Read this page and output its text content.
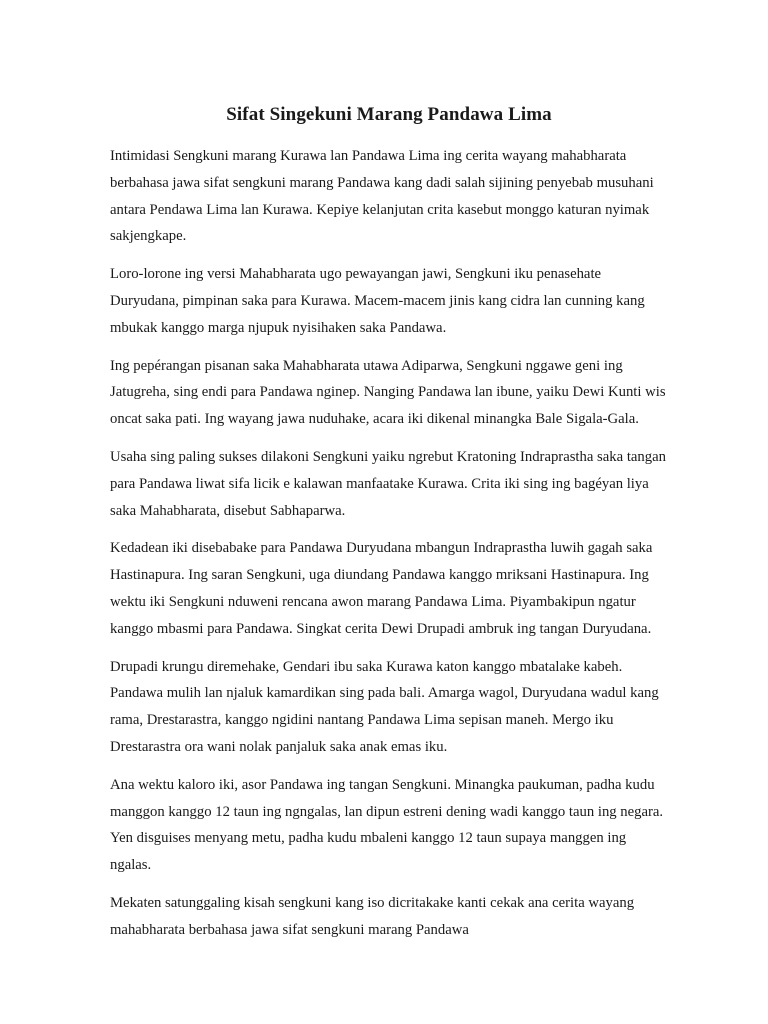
Sifat Singekuni Marang Pandawa Lima

Intimidasi Sengkuni marang Kurawa lan Pandawa Lima ing cerita wayang mahabharata berbahasa jawa sifat sengkuni marang Pandawa kang dadi salah sijining penyebab musuhani antara Pendawa Lima lan Kurawa. Kepiye kelanjutan crita kasebut monggo katuran nyimak sakjengkape.

Loro-lorone ing versi Mahabharata ugo pewayangan jawi, Sengkuni iku penasehate Duryudana, pimpinan saka para Kurawa. Macem-macem jinis kang cidra lan cunning kang mbukak kanggo marga njupuk nyisihaken saka Pandawa.

Ing pepérangan pisanan saka Mahabharata utawa Adiparwa, Sengkuni nggawe geni ing Jatugreha, sing endi para Pandawa nginep. Nanging Pandawa lan ibune, yaiku Dewi Kunti wis oncat saka pati. Ing wayang jawa nuduhake, acara iki dikenal minangka Bale Sigala-Gala.

Usaha sing paling sukses dilakoni Sengkuni yaiku ngrebut Kratoning Indraprastha saka tangan para Pandawa liwat sifa licik e kalawan manfaatake Kurawa. Crita iki sing ing bagéyan liya saka Mahabharata, disebut Sabhaparwa.

Kedadean iki disebabake para Pandawa Duryudana mbangun Indraprastha luwih gagah saka Hastinapura. Ing saran Sengkuni, uga diundang Pandawa kanggo mriksani Hastinapura. Ing wektu iki Sengkuni nduweni rencana awon marang Pandawa Lima. Piyambakipun ngatur kanggo mbasmi para Pandawa. Singkat cerita Dewi Drupadi ambruk ing tangan Duryudana.

Drupadi krungu diremehake, Gendari ibu saka Kurawa katon kanggo mbatalake kabeh. Pandawa mulih lan njaluk kamardikan sing pada bali. Amarga wagol, Duryudana wadul kang rama, Drestarastra, kanggo ngidini nantang Pandawa Lima sepisan maneh. Mergo iku Drestarastra ora wani nolak panjaluk saka anak emas iku.

Ana wektu kaloro iki, asor Pandawa ing tangan Sengkuni. Minangka paukuman, padha kudu manggon kanggo 12 taun ing ngngalas, lan dipun estreni dening wadi kanggo taun ing negara. Yen disguises menyang metu, padha kudu mbaleni kanggo 12 taun supaya manggen ing ngalas.

Mekaten satunggaling kisah sengkuni kang iso dicritakake kanti cekak ana cerita wayang mahabharata berbahasa jawa sifat sengkuni marang Pandawa
